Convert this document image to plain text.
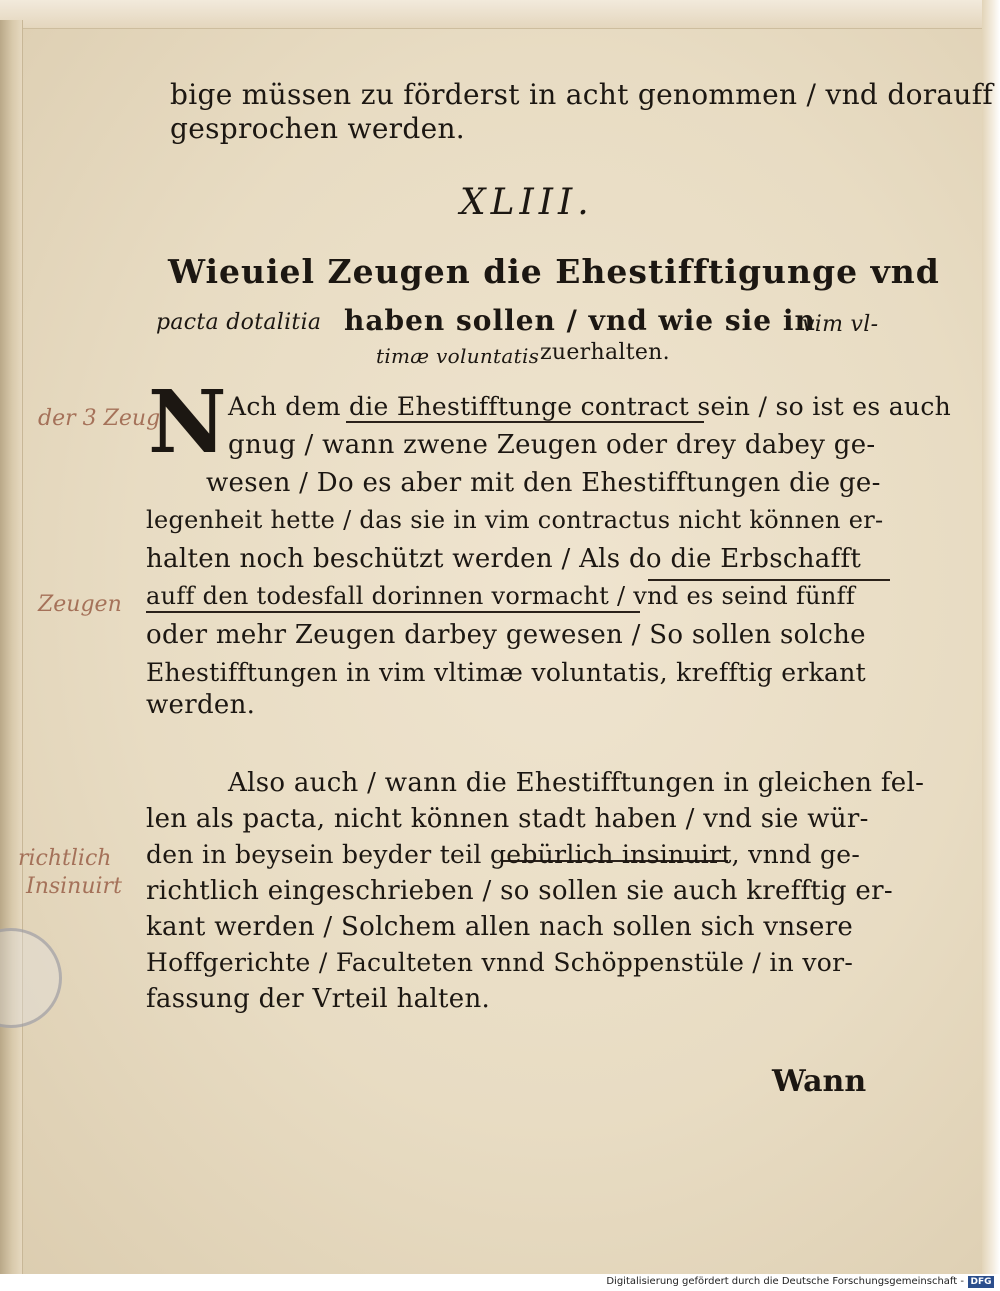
bige müssen zu förderst in acht genommen / vnd dorauff
gesprochen werden.
XLIII.
Wieuiel Zeugen die Ehestifftigunge vnd
pacta dotalitia haben sollen / vnd wie sie in
vim vl-
timæ voluntatis zuerhalten.
N Ach dem die Ehestifftunge contract sein / so ist es auch
gnug / wann zwene Zeugen oder drey dabey ge-
wesen / Do es aber mit den Ehestifftungen die ge-
legenheit hette / das sie in vim contractus nicht können er-
halten noch beschützt werden / Als do die Erbschafft
auff den todesfall dorinnen vormacht / vnd es seind fünff
oder mehr Zeugen darbey gewesen / So sollen solche
Ehestifftungen in vim vltimæ voluntatis, krefftig erkant
werden.
Also auch / wann die Ehestifftungen in gleichen fel-
len als pacta, nicht können stadt haben / vnd sie wür-
den in beysein beyder teil gebürlich insinuirt, vnnd ge-
richtlich eingeschrieben / so sollen sie auch krefftig er-
kant werden / Solchem allen nach sollen sich vnsere
Hoffgerichte / Faculteten vnnd Schöppenstüle / in vor-
fassung der Vrteil halten.
der 3 Zeug
Zeugen
richtlich
Insinuirt
Wann
Digitalisierung gefördert durch die Deutsche Forschungsgemeinschaft - DFG
